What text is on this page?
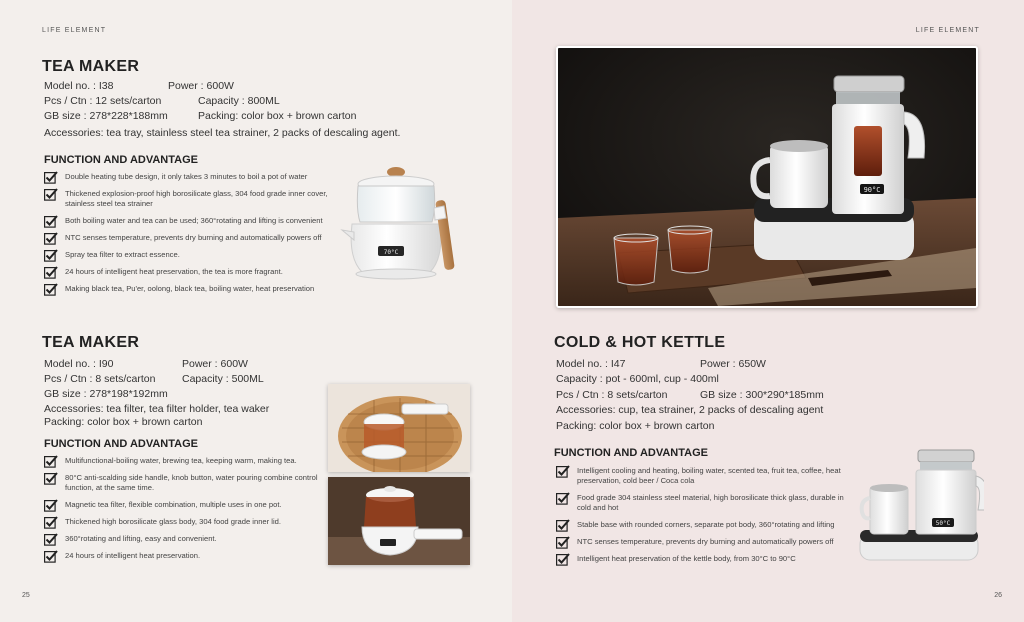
LIFE ELEMENT
TEA MAKER
Model no. : I38	Power : 600W
Pcs / Ctn : 12 sets/carton	Capacity : 800ML
GB size : 278*228*188mm	Packing: color box + brown carton
Accessories: tea tray, stainless steel tea strainer, 2 packs of descaling agent.
FUNCTION AND ADVANTAGE
Double heating tube design, it only takes 3 minutes to boil a pot of water
Thickened explosion-proof high borosilicate glass, 304 food grade inner cover, stainless steel tea strainer
Both boiling water and tea can be used; 360°rotating and lifting is convenient
NTC senses temperature, prevents dry burning and automatically powers off
Spray tea filter to extract essence.
24 hours of intelligent heat preservation, the tea is more fragrant.
Making black tea, Pu'er, oolong, black tea, boiling water, heat preservation
70°C
TEA MAKER
Model no. : I90	Power : 600W
Pcs / Ctn : 8 sets/carton	Capacity : 500ML
GB size : 278*198*192mm
Accessories: tea filter, tea filter holder, tea waker
Packing: color box + brown carton
FUNCTION AND ADVANTAGE
Multifunctional-boiling water, brewing tea, keeping warm, making tea.
80°C anti-scalding side handle, knob button, water pouring combine control function, at the same time.
Magnetic tea filter, flexible combination, multiple uses in one pot.
Thickened high borosilicate glass body, 304 food grade inner lid.
360°rotating and lifting, easy and convenient.
24 hours of intelligent heat preservation.
25
LIFE ELEMENT
90°C
COLD & HOT KETTLE
Model no. : I47	Power : 650W
Capacity : pot - 600ml, cup - 400ml
Pcs / Ctn : 8 sets/carton	GB size : 300*290*185mm
Accessories: cup, tea strainer, 2 packs of descaling agent
Packing: color box + brown carton
FUNCTION AND ADVANTAGE
Intelligent cooling and heating, boiling water, scented tea, fruit tea, coffee, heat preservation, cold beer / Coca cola
Food grade 304 stainless steel material, high borosilicate thick glass, durable in cold and hot
Stable base with rounded corners, separate pot body, 360°rotating and lifting
NTC senses temperature, prevents dry burning and automatically powers off
Intelligent heat preservation of the kettle body, from 30°C to 90°C
50°C
26
